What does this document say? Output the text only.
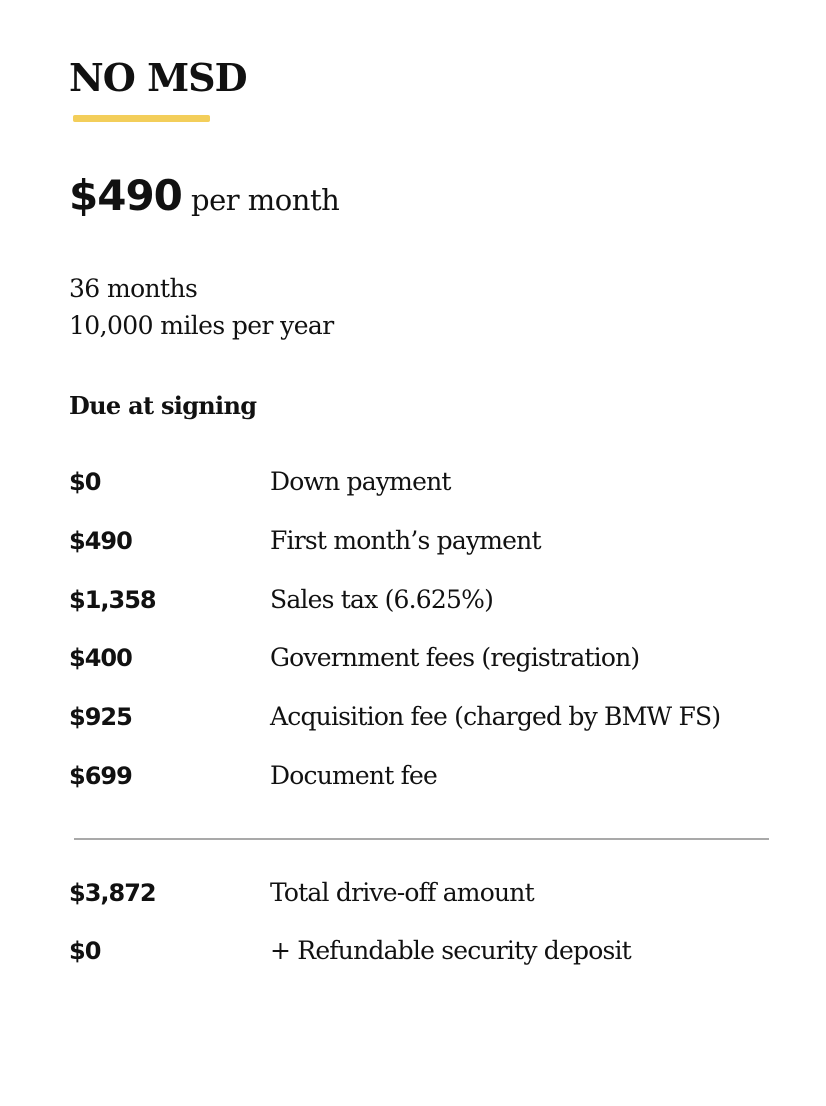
NO MSD
$490 per month
36 months
10,000 miles per year
Due at signing
$0	Down payment
$490	First month’s payment
$1,358	Sales tax (6.625%)
$400	Government fees (registration)
$925	Acquisition fee (charged by BMW FS)
$699	Document fee
$3,872	Total drive-off amount
$0	+ Refundable security deposit
